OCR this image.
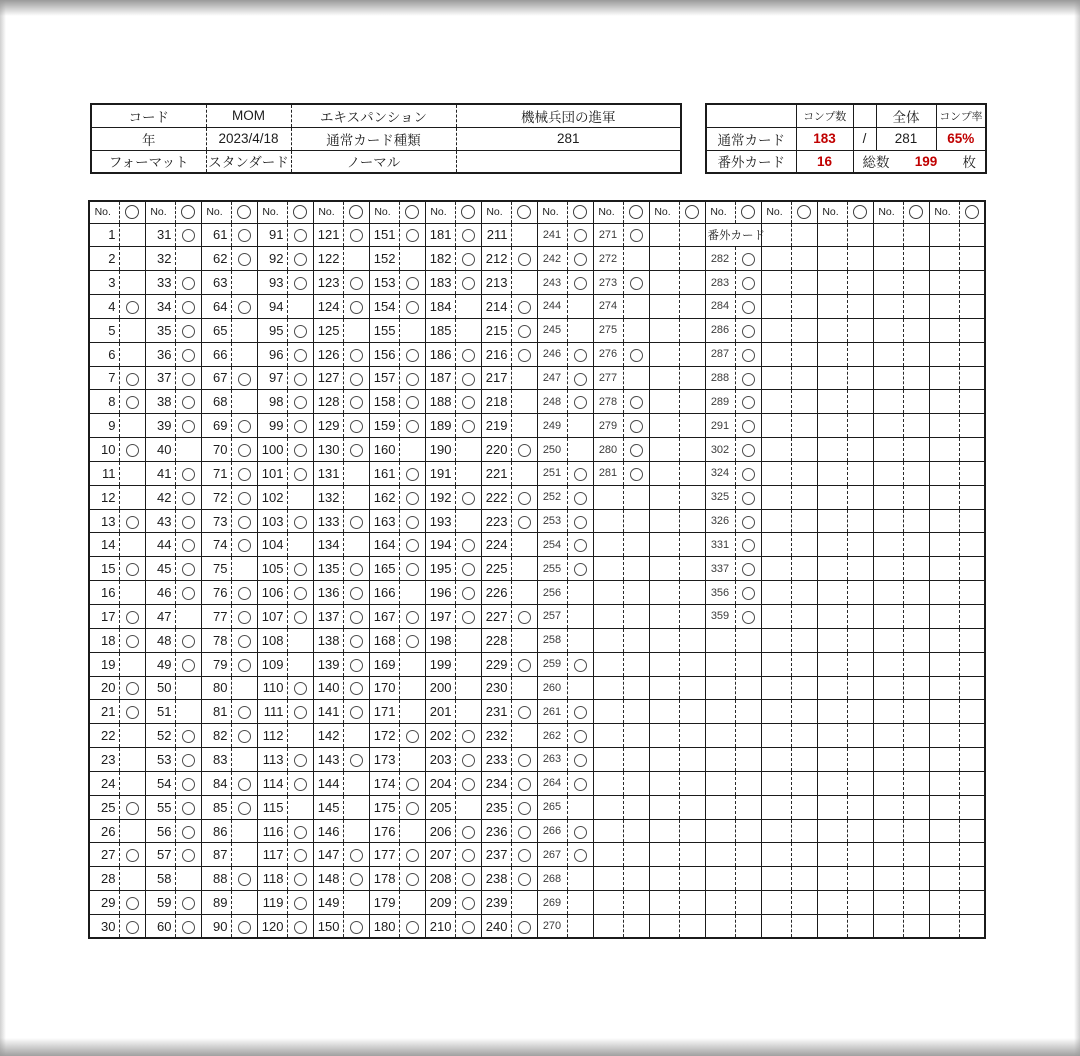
コード	MOM	エキスパンション	機械兵団の進軍
年	2023/4/18	通常カード種類	281
フォーマット	スタンダード	ノーマル	
	コンプ数		全体	コンプ率
通常カード	183	/	281	65%
番外カード	16	総数 199 枚		
No.		No.		No.		No.		No.		No.		No.		No.		No.		No.		No.		No.		No.		No.		No.		No.	
1		31		61		91		121		151		181		211		241		271				番外カード									
2		32		62		92		122		152		182		212		242		272				282									
3		33		63		93		123		153		183		213		243		273				283									
4		34		64		94		124		154		184		214		244		274				284									
5		35		65		95		125		155		185		215		245		275				286									
6		36		66		96		126		156		186		216		246		276				287									
7		37		67		97		127		157		187		217		247		277				288									
8		38		68		98		128		158		188		218		248		278				289									
9		39		69		99		129		159		189		219		249		279				291									
10		40		70		100		130		160		190		220		250		280				302									
11		41		71		101		131		161		191		221		251		281				324									
12		42		72		102		132		162		192		222		252						325									
13		43		73		103		133		163		193		223		253						326									
14		44		74		104		134		164		194		224		254						331									
15		45		75		105		135		165		195		225		255						337									
16		46		76		106		136		166		196		226		256						356									
17		47		77		107		137		167		197		227		257						359									
18		48		78		108		138		168		198		228		258															
19		49		79		109		139		169		199		229		259															
20		50		80		110		140		170		200		230		260															
21		51		81		111		141		171		201		231		261															
22		52		82		112		142		172		202		232		262															
23		53		83		113		143		173		203		233		263															
24		54		84		114		144		174		204		234		264															
25		55		85		115		145		175		205		235		265															
26		56		86		116		146		176		206		236		266															
27		57		87		117		147		177		207		237		267															
28		58		88		118		148		178		208		238		268															
29		59		89		119		149		179		209		239		269															
30		60		90		120		150		180		210		240		270															
